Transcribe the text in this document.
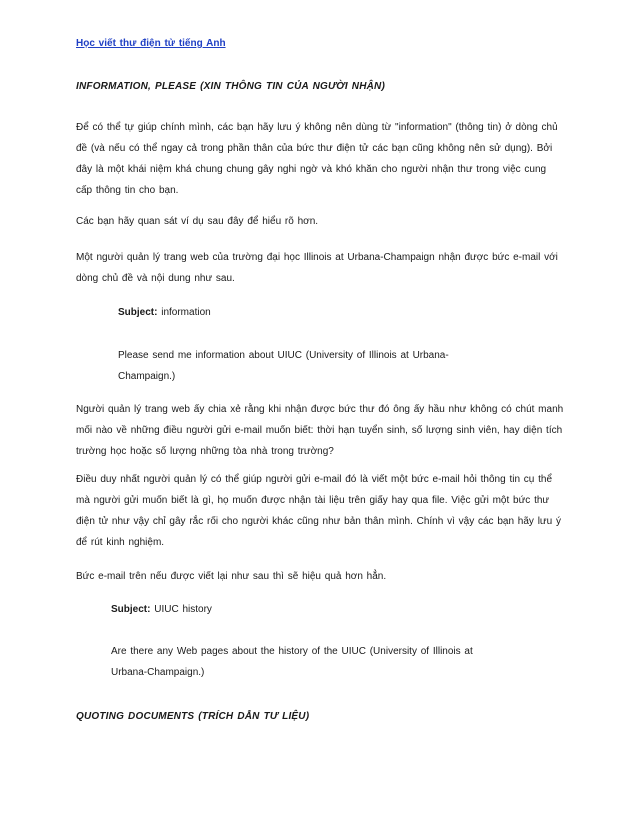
Học viết thư điện tử tiếng Anh
INFORMATION, PLEASE (XIN THÔNG TIN CỦA NGƯỜI NHẬN)
Để có thể tự giúp chính mình, các bạn hãy lưu ý không nên dùng từ "information" (thông tin) ở dòng chủ đề (và nếu có thể ngay cả trong phần thân của bức thư điện tử các bạn cũng không nên sử dụng). Bởi đây là một khái niệm khá chung chung gây nghi ngờ và khó khăn cho người nhận thư trong việc cung cấp thông tin cho bạn.
Các bạn hãy quan sát ví dụ sau đây để hiểu rõ hơn.
Một người quản lý trang web của trường đại học Illinois at Urbana-Champaign nhận được bức e-mail với dòng chủ đề và nội dung như sau.
Subject: information
Please send me information about UIUC (University of Illinois at Urbana-Champaign.)
Người quản lý trang web ấy chia xẻ rằng khi nhận được bức thư đó ông ấy hầu như không có chút manh mối nào về những điều người gửi e-mail muốn biết: thời hạn tuyển sinh, số lượng sinh viên, hay diện tích trường học hoặc số lượng những tòa nhà trong trường?
Điều duy nhất người quản lý có thể giúp người gửi e-mail đó là viết một bức e-mail hỏi thông tin cụ thể mà người gửi muốn biết là gì, họ muốn được nhận tài liệu trên giấy hay qua file. Việc gửi một bức thư điện tử như vậy chỉ gây rắc rối cho người khác cũng như bản thân mình. Chính vì vậy các bạn hãy lưu ý để rút kinh nghiệm.
Bức e-mail trên nếu được viết lại như sau thì sẽ hiệu quả hơn hẳn.
Subject: UIUC history
Are there any Web pages about the history of the UIUC (University of Illinois at Urbana-Champaign.)
QUOTING DOCUMENTS (TRÍCH DẪN TƯ LIỆU)
